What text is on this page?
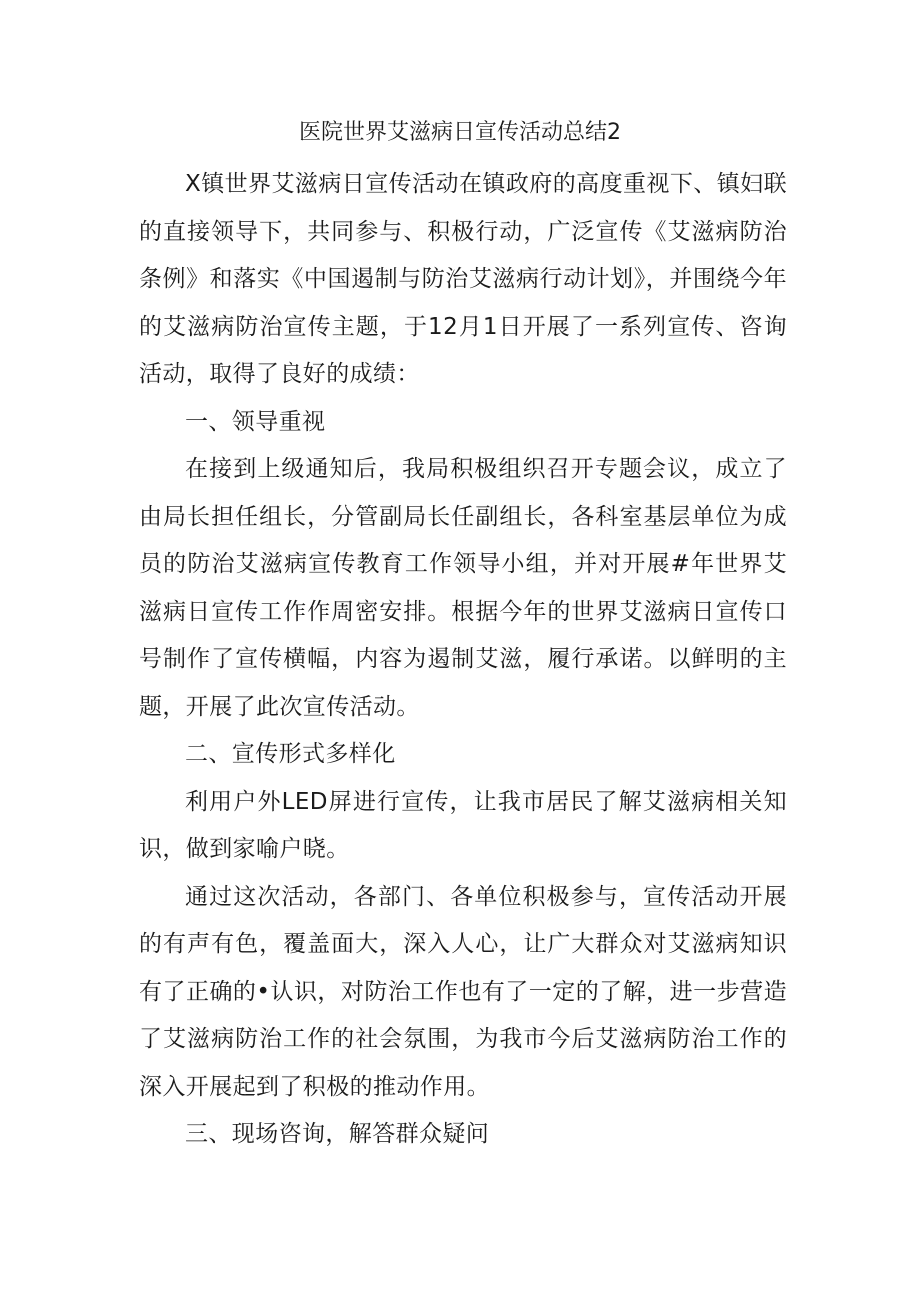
医院世界艾滋病日宣传活动总结2

X镇世界艾滋病日宣传活动在镇政府的高度重视下、镇妇联的直接领导下，共同参与、积极行动，广泛宣传《艾滋病防治条例》和落实《中国遏制与防治艾滋病行动计划》，并围绕今年的艾滋病防治宣传主题，于12月1日开展了一系列宣传、咨询活动，取得了良好的成绩：

一、领导重视

在接到上级通知后，我局积极组织召开专题会议，成立了由局长担任组长，分管副局长任副组长，各科室基层单位为成员的防治艾滋病宣传教育工作领导小组，并对开展#年世界艾滋病日宣传工作作周密安排。根据今年的世界艾滋病日宣传口号制作了宣传横幅，内容为遏制艾滋，履行承诺。以鲜明的主题，开展了此次宣传活动。

二、宣传形式多样化

利用户外LED屏进行宣传，让我市居民了解艾滋病相关知识，做到家喻户晓。

通过这次活动，各部门、各单位积极参与，宣传活动开展的有声有色，覆盖面大，深入人心，让广大群众对艾滋病知识有了正确的•认识，对防治工作也有了一定的了解，进一步营造了艾滋病防治工作的社会氛围，为我市今后艾滋病防治工作的深入开展起到了积极的推动作用。

三、现场咨询，解答群众疑问
